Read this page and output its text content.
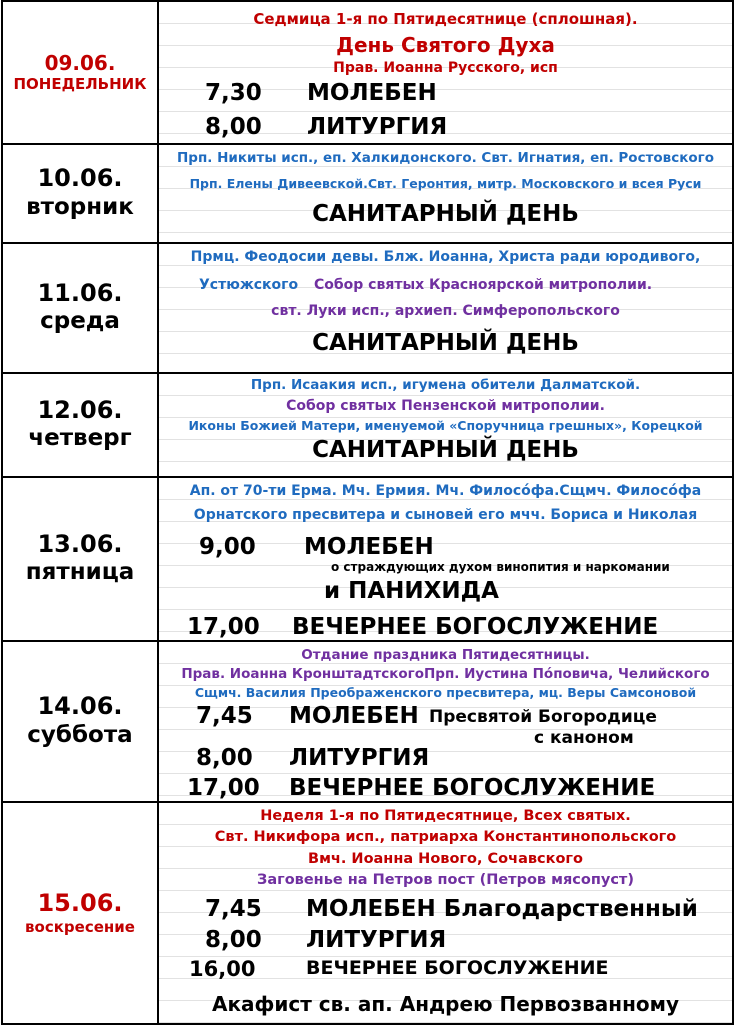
09.06.
ПОНЕДЕЛЬНИК
Седмица 1-я по Пятидесятнице (сплошная).
День Святого Духа
Прав. Иоанна Русского, исп
7,30 МОЛЕБЕН
8,00 ЛИТУРГИЯ
10.06.
вторник
Прп. Никиты исп., еп. Халкидонского. Свт. Игнатия, еп. Ростовского
Прп. Елены Дивеевской.Свт. Геронтия, митр. Московского и всея Руси
САНИТАРНЫЙ ДЕНЬ
11.06.
среда
Прмц. Феодосии девы. Блж. Иоанна, Христа ради юродивого,
Устюжского Собор святых Красноярской митрополии.
свт. Луки исп., архиеп. Симферопольского
САНИТАРНЫЙ ДЕНЬ
12.06.
четверг
Прп. Исаакия исп., игумена обители Далматской.
Собор святых Пензенской митрополии.
Иконы Божией Матери, именуемой «Споручница грешных», Корецкой
САНИТАРНЫЙ ДЕНЬ
13.06.
пятница
Ап. от 70-ти Ерма. Мч. Ермия. Мч. Филосо́фа.Сщмч. Филосо́фа
Орнатского пресвитера и сыновей его мчч. Бориса и Николая
9,00 МОЛЕБЕН
о страждующих духом винопития и наркомании
и ПАНИХИДА
17,00 ВЕЧЕРНЕЕ БОГОСЛУЖЕНИЕ
14.06.
суббота
Отдание праздника Пятидесятницы.
Прав. Иоанна КронштадтскогоПрп. Иустина По́повича, Челийского
Сщмч. Василия Преображенского пресвитера, мц. Веры Самсоновой
7,45 МОЛЕБЕН Пресвятой Богородице
с каноном
8,00 ЛИТУРГИЯ
17,00 ВЕЧЕРНЕЕ БОГОСЛУЖЕНИЕ
15.06.
воскресение
Неделя 1-я по Пятидесятнице, Всех святых.
Свт. Никифора исп., патриарха Константинопольского
Вмч. Иоанна Нового, Сочавского
Заговенье на Петров пост (Петров мясопуст)
7,45 МОЛЕБЕН Благодарственный
8,00 ЛИТУРГИЯ
16,00	ВЕЧЕРНЕЕ БОГОСЛУЖЕНИЕ
Акафист св. ап. Андрею Первозванному
